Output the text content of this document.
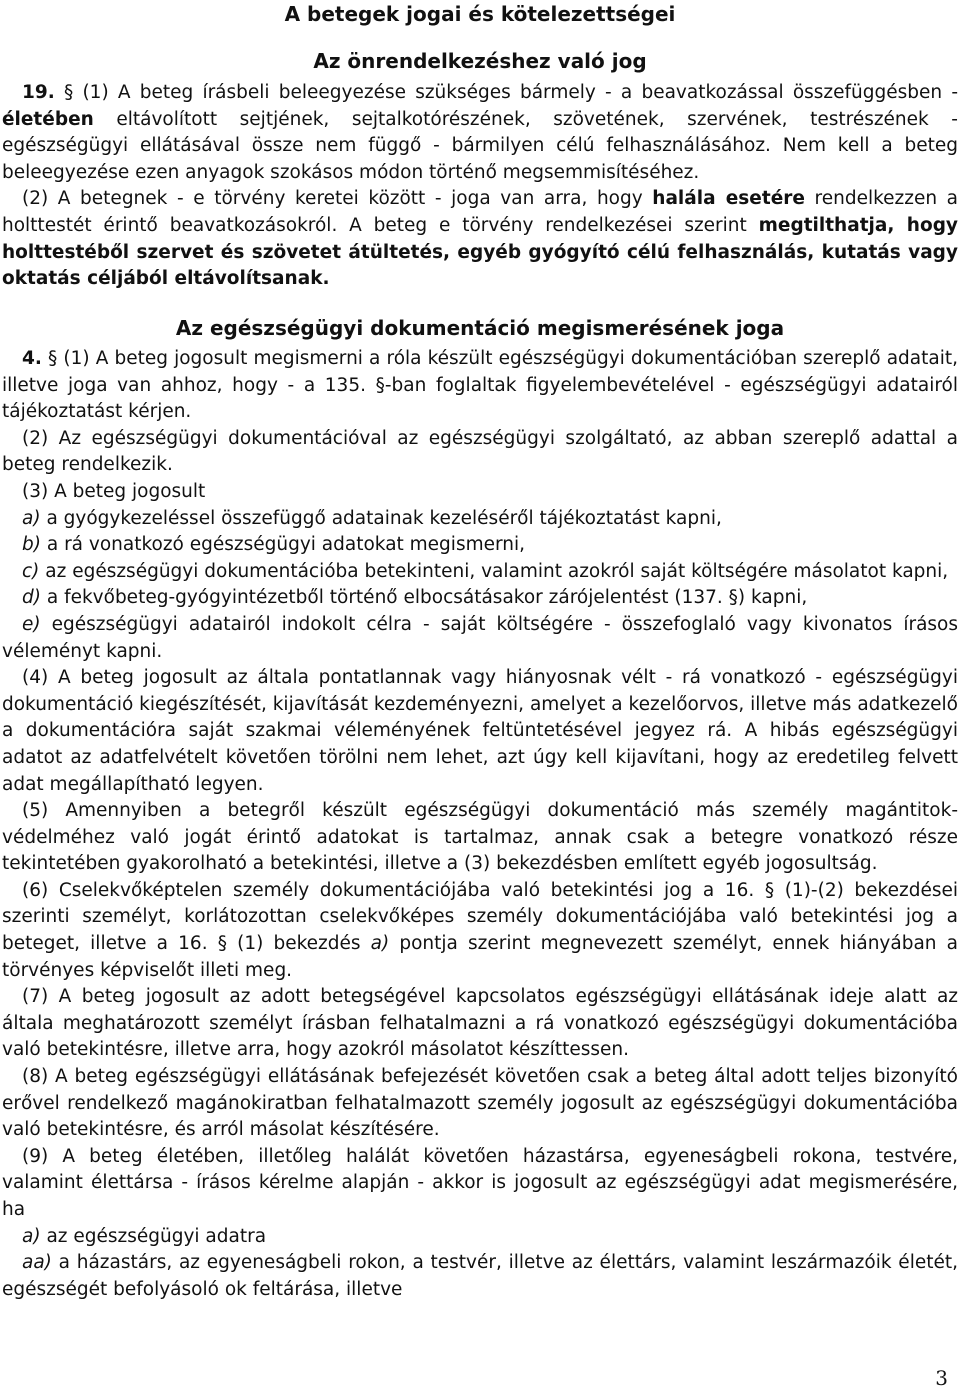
A betegek jogai és kötelezettségei
Az önrendelkezéshez való jog

19. § (1) A beteg írásbeli beleegyezése szükséges bármely - a beavatkozással összefüggésben - életében eltávolított sejtjének, sejtalkotórészének, szövetének, szervének, testrészének - egészségügyi ellátásával össze nem függő - bármilyen célú felhasználásához. Nem kell a beteg beleegyezése ezen anyagok szokásos módon történő megsemmisítéséhez.

(2) A betegnek - e törvény keretei között - joga van arra, hogy halála esetére rendelkezzen a holttestét érintő beavatkozásokról. A beteg e törvény rendelkezései szerint megtilthatja, hogy holttestéből szervet és szövetet átültetés, egyéb gyógyító célú felhasználás, kutatás vagy oktatás céljából eltávolítsanak.

Az egészségügyi dokumentáció megismerésének joga

4. § (1) A beteg jogosult megismerni a róla készült egészségügyi dokumentációban szereplő adatait, illetve joga van ahhoz, hogy - a 135. §-ban foglaltak figyelembevételével - egészségügyi adatairól tájékoztatást kérjen.

(2) Az egészségügyi dokumentációval az egészségügyi szolgáltató, az abban szereplő adattal a beteg rendelkezik.

(3) A beteg jogosult

a) a gyógykezeléssel összefüggő adatainak kezeléséről tájékoztatást kapni,

b) a rá vonatkozó egészségügyi adatokat megismerni,

c) az egészségügyi dokumentációba betekinteni, valamint azokról saját költségére másolatot kapni,

d) a fekvőbeteg-gyógyintézetből történő elbocsátásakor zárójelentést (137. §) kapni,

e) egészségügyi adatairól indokolt célra - saját költségére - összefoglaló vagy kivonatos írásos véleményt kapni.

(4) A beteg jogosult az általa pontatlannak vagy hiányosnak vélt - rá vonatkozó - egészségügyi dokumentáció kiegészítését, kijavítását kezdeményezni, amelyet a kezelőorvos, illetve más adatkezelő a dokumentációra saját szakmai véleményének feltüntetésével jegyez rá. A hibás egészségügyi adatot az adatfelvételt követően törölni nem lehet, azt úgy kell kijavítani, hogy az eredetileg felvett adat megállapítható legyen.

(5) Amennyiben a betegről készült egészségügyi dokumentáció más személy magántitok-védelméhez való jogát érintő adatokat is tartalmaz, annak csak a betegre vonatkozó része tekintetében gyakorolható a betekintési, illetve a (3) bekezdésben említett egyéb jogosultság.

(6) Cselekvőképtelen személy dokumentációjába való betekintési jog a 16. § (1)-(2) bekezdései szerinti személyt, korlátozottan cselekvőképes személy dokumentációjába való betekintési jog a beteget, illetve a 16. § (1) bekezdés a) pontja szerint megnevezett személyt, ennek hiányában a törvényes képviselőt illeti meg.

(7) A beteg jogosult az adott betegségével kapcsolatos egészségügyi ellátásának ideje alatt az általa meghatározott személyt írásban felhatalmazni a rá vonatkozó egészségügyi dokumentációba való betekintésre, illetve arra, hogy azokról másolatot készíttessen.

(8) A beteg egészségügyi ellátásának befejezését követően csak a beteg által adott teljes bizonyító erővel rendelkező magánokiratban felhatalmazott személy jogosult az egészségügyi dokumentációba való betekintésre, és arról másolat készítésére.

(9) A beteg életében, illetőleg halálát követően házastársa, egyeneságbeli rokona, testvére, valamint élettársa - írásos kérelme alapján - akkor is jogosult az egészségügyi adat megismerésére, ha

a) az egészségügyi adatra

aa) a házastárs, az egyeneságbeli rokon, a testvér, illetve az élettárs, valamint leszármazóik életét, egészségét befolyásoló ok feltárása, illetve

3
